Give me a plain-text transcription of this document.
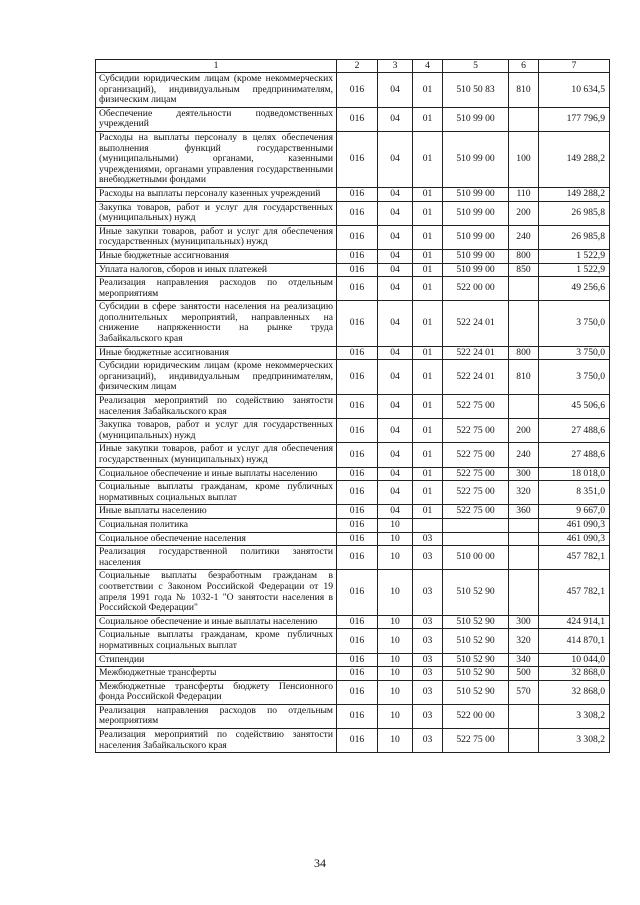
1	2	3	4	5	6	7
Субсидии юридическим лицам (кроме некоммерческих организаций), индивидуальным предпринимателям, физическим лицам	016	04	01	510 50 83	810	10 634,5
Обеспечение деятельности подведомственных учреждений	016	04	01	510 99 00		177 796,9
Расходы на выплаты персоналу в целях обеспечения выполнения функций государственными (муниципальными) органами, казенными учреждениями, органами управления государственными внебюджетными фондами	016	04	01	510 99 00	100	149 288,2
Расходы на выплаты персоналу казенных учреждений	016	04	01	510 99 00	110	149 288,2
Закупка товаров, работ и услуг для государственных (муниципальных) нужд	016	04	01	510 99 00	200	26 985,8
Иные закупки товаров, работ и услуг для обеспечения государственных (муниципальных) нужд	016	04	01	510 99 00	240	26 985,8
Иные бюджетные ассигнования	016	04	01	510 99 00	800	1 522,9
Уплата налогов, сборов и иных платежей	016	04	01	510 99 00	850	1 522,9
Реализация направления расходов по отдельным мероприятиям	016	04	01	522 00 00		49 256,6
Субсидии в сфере занятости населения на реализацию дополнительных мероприятий, направленных на снижение напряженности на рынке труда Забайкальского края	016	04	01	522 24 01		3 750,0
Иные бюджетные ассигнования	016	04	01	522 24 01	800	3 750,0
Субсидии юридическим лицам (кроме некоммерческих организаций), индивидуальным предпринимателям, физическим лицам	016	04	01	522 24 01	810	3 750,0
Реализация мероприятий по содействию занятости населения Забайкальского края	016	04	01	522 75 00		45 506,6
Закупка товаров, работ и услуг для государственных (муниципальных) нужд	016	04	01	522 75 00	200	27 488,6
Иные закупки товаров, работ и услуг для обеспечения государственных (муниципальных) нужд	016	04	01	522 75 00	240	27 488,6
Социальное обеспечение и иные выплаты населению	016	04	01	522 75 00	300	18 018,0
Социальные выплаты гражданам, кроме публичных нормативных социальных выплат	016	04	01	522 75 00	320	8 351,0
Иные выплаты населению	016	04	01	522 75 00	360	9 667,0
Социальная политика	016	10				461 090,3
Социальное обеспечение населения	016	10	03			461 090,3
Реализация государственной политики занятости населения	016	10	03	510 00 00		457 782,1
Социальные выплаты безработным гражданам в соответствии с Законом Российской Федерации от 19 апреля 1991 года № 1032-1 "О занятости населения в Российской Федерации"	016	10	03	510 52 90		457 782,1
Социальное обеспечение и иные выплаты населению	016	10	03	510 52 90	300	424 914,1
Социальные выплаты гражданам, кроме публичных нормативных социальных выплат	016	10	03	510 52 90	320	414 870,1
Стипендии	016	10	03	510 52 90	340	10 044,0
Межбюджетные трансферты	016	10	03	510 52 90	500	32 868,0
Межбюджетные трансферты бюджету Пенсионного фонда Российской Федерации	016	10	03	510 52 90	570	32 868,0
Реализация направления расходов по отдельным мероприятиям	016	10	03	522 00 00		3 308,2
Реализация мероприятий по содействию занятости населения Забайкальского края	016	10	03	522 75 00		3 308,2
34
